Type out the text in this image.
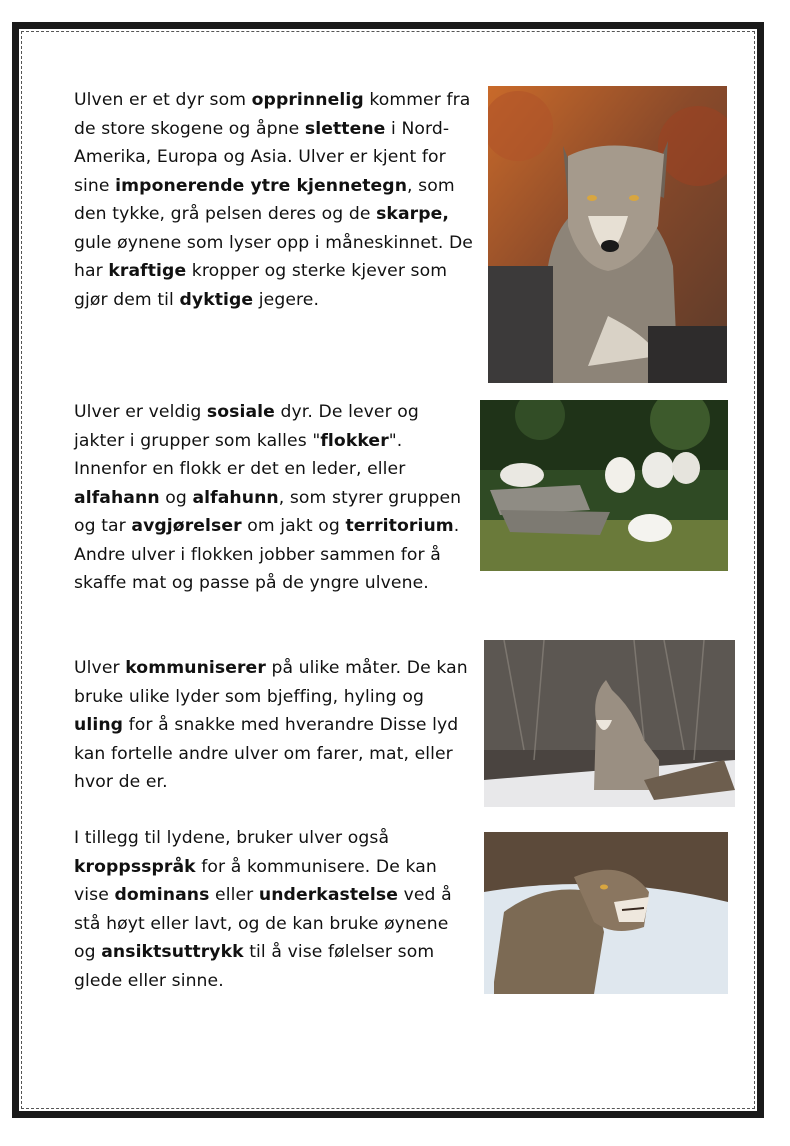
Ulven er et dyr som opprinnelig kommer fra de store skogene og åpne slettene i Nord-Amerika, Europa og Asia. Ulver er kjent for sine imponerende ytre kjennetegn, som den tykke, grå pelsen deres og de skarpe, gule øynene som lyser opp i måneskinnet. De har kraftige kropper og sterke kjever som gjør dem til dyktige jegere.

Ulver er veldig sosiale dyr. De lever og jakter i grupper som kalles "flokker". Innenfor en flokk er det en leder, eller alfahann og alfahunn, som styrer gruppen og tar avgjørelser om jakt og territorium. Andre ulver i flokken jobber sammen for å skaffe mat og passe på de yngre ulvene.

Ulver kommuniserer på ulike måter. De kan bruke ulike lyder som bjeffing, hyling og uling for å snakke med hverandre Disse lyd kan fortelle andre ulver om farer, mat, eller hvor de er.

I tillegg til lydene, bruker ulver også kroppsspråk for å kommunisere. De kan vise dominans eller underkastelse ved å stå høyt eller lavt, og de kan bruke øynene og ansiktsuttrykk til å vise følelser som glede eller sinne.
